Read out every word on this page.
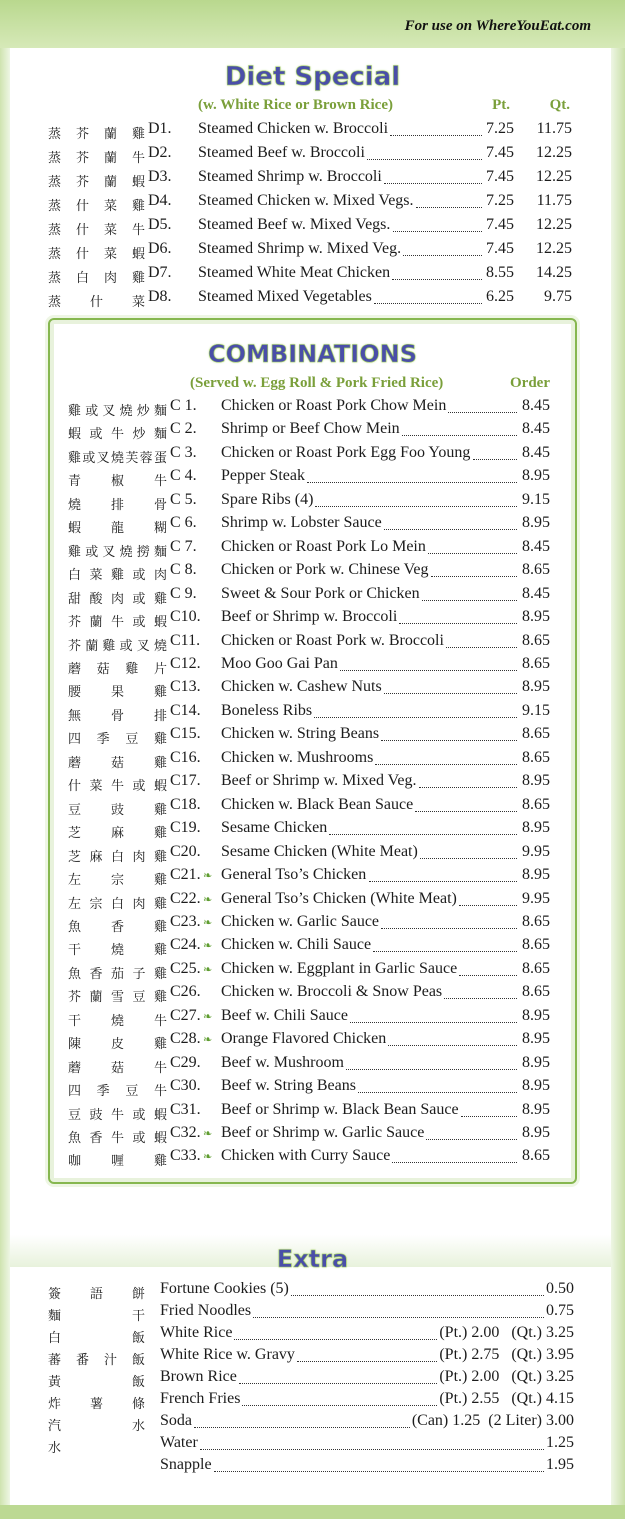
For use on WhereYouEat.com
Diet Special
(w. White Rice or Brown Rice)	Pt.	Qt.
蒸芥蘭雞 D1. Steamed Chicken w. Broccoli	7.25	11.75
蒸芥蘭牛 D2. Steamed Beef w. Broccoli	7.45	12.25
蒸芥蘭蝦 D3. Steamed Shrimp w. Broccoli	7.45	12.25
蒸什菜雞 D4. Steamed Chicken w. Mixed Vegs.	7.25	11.75
蒸什菜牛 D5. Steamed Beef w. Mixed Vegs.	7.45	12.25
蒸什菜蝦 D6. Steamed Shrimp w. Mixed Veg.	7.45	12.25
蒸白肉雞 D7. Steamed White Meat Chicken	8.55	14.25
蒸什菜 D8. Steamed Mixed Vegetables	6.25	9.75
COMBINATIONS
(Served w. Egg Roll & Pork Fried Rice)	Order
雞或叉燒炒麵 C 1. Chicken or Roast Pork Chow Mein	8.45
蝦或牛炒麵 C 2. Shrimp or Beef Chow Mein	8.45
雞或叉燒芙蓉蛋 C 3. Chicken or Roast Pork Egg Foo Young	8.45
青椒牛 C 4. Pepper Steak	8.95
燒排骨 C 5. Spare Ribs (4)	9.15
蝦龍糊 C 6. Shrimp w. Lobster Sauce	8.95
雞或叉燒撈麵 C 7. Chicken or Roast Pork Lo Mein	8.45
白菜雞或肉 C 8. Chicken or Pork w. Chinese Veg	8.65
甜酸肉或雞 C 9. Sweet & Sour Pork or Chicken	8.45
芥蘭牛或蝦 C10. Beef or Shrimp w. Broccoli	8.95
芥蘭雞或叉燒 C11. Chicken or Roast Pork w. Broccoli	8.65
蘑菇雞片 C12. Moo Goo Gai Pan	8.65
腰果雞 C13. Chicken w. Cashew Nuts	8.95
無骨排 C14. Boneless Ribs	9.15
四季豆雞 C15. Chicken w. String Beans	8.65
蘑菇雞 C16. Chicken w. Mushrooms	8.65
什菜牛或蝦 C17. Beef or Shrimp w. Mixed Veg.	8.95
豆豉雞 C18. Chicken w. Black Bean Sauce	8.65
芝麻雞 C19. Sesame Chicken	8.95
芝麻白肉雞 C20. Sesame Chicken (White Meat)	9.95
左宗雞 C21. ❧ General Tso’s Chicken	8.95
左宗白肉雞 C22. ❧ General Tso’s Chicken (White Meat)	9.95
魚香雞 C23. ❧ Chicken w. Garlic Sauce	8.65
干燒雞 C24. ❧ Chicken w. Chili Sauce	8.65
魚香茄子雞 C25. ❧ Chicken w. Eggplant in Garlic Sauce	8.65
芥蘭雪豆雞 C26. Chicken w. Broccoli & Snow Peas	8.65
干燒牛 C27. ❧ Beef w. Chili Sauce	8.95
陳皮雞 C28. ❧ Orange Flavored Chicken	8.95
蘑菇牛 C29. Beef w. Mushroom	8.95
四季豆牛 C30. Beef w. String Beans	8.95
豆豉牛或蝦 C31. Beef or Shrimp w. Black Bean Sauce	8.95
魚香牛或蝦 C32. ❧ Beef or Shrimp w. Garlic Sauce	8.95
咖喱雞 C33. ❧ Chicken with Curry Sauce	8.65
Extra
簽語餅 Fortune Cookies (5)	0.50
麵干 Fried Noodles	0.75
白飯 White Rice	(Pt.) 2.00   (Qt.) 3.25
蕃番汁飯 White Rice w. Gravy	(Pt.) 2.75   (Qt.) 3.95
黃飯 Brown Rice	(Pt.) 2.00   (Qt.) 3.25
炸薯條 French Fries	(Pt.) 2.55   (Qt.) 4.15
汽水 Soda	(Can) 1.25  (2 Liter) 3.00
水	Water	1.25
Snapple	1.95
